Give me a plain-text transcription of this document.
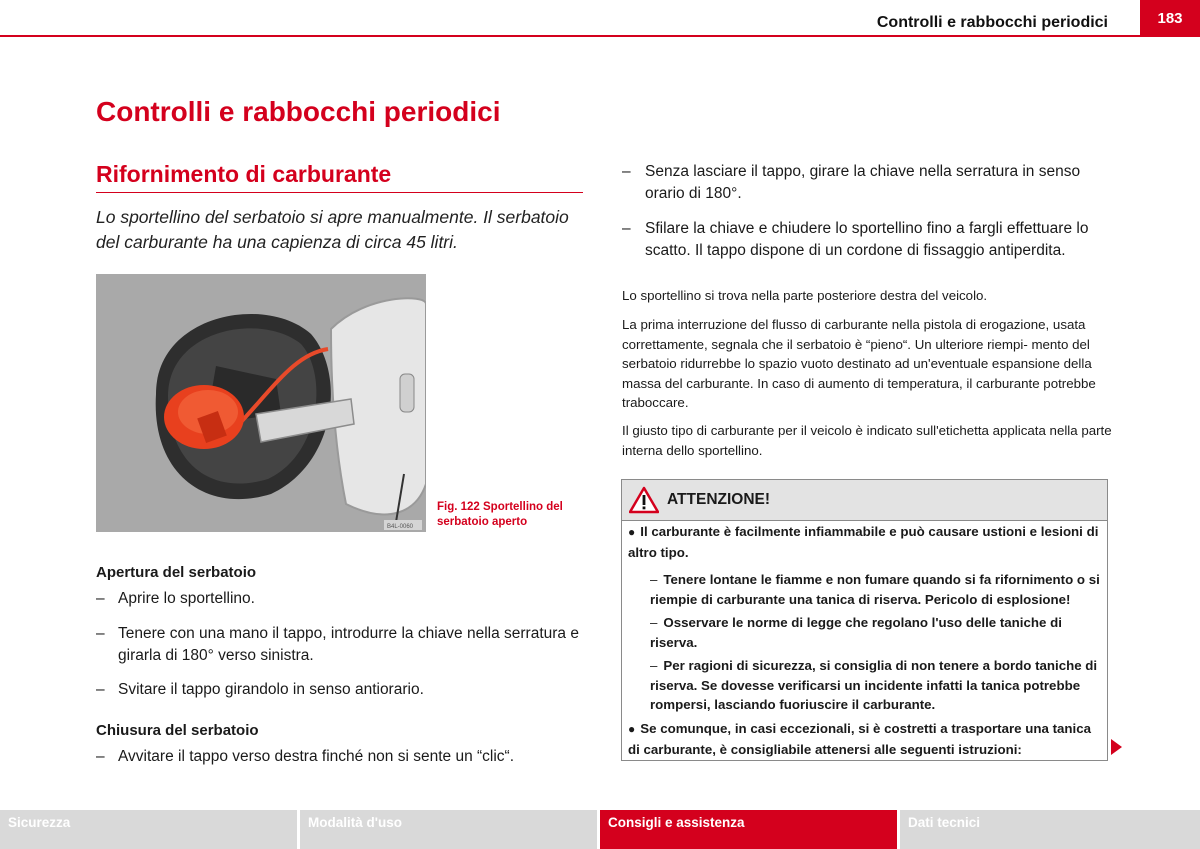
Controlli e rabbocchi periodici	183
Controlli e rabbocchi periodici
Rifornimento di carburante
Lo sportellino del serbatoio si apre manualmente. Il serbatoio del carburante ha una capienza di circa 45 litri.
B4L-0060
Fig. 122 Sportellino del serbatoio aperto
Apertura del serbatoio
– Aprire lo sportellino.
– Tenere con una mano il tappo, introdurre la chiave nella serratura e girarla di 180° verso sinistra.
– Svitare il tappo girandolo in senso antiorario.
Chiusura del serbatoio
– Avvitare il tappo verso destra finché non si sente un “clic“.
– Senza lasciare il tappo, girare la chiave nella serratura in senso orario di 180°.
– Sfilare la chiave e chiudere lo sportellino fino a fargli effettuare lo scatto. Il tappo dispone di un cordone di fissaggio antiperdita.
Lo sportellino si trova nella parte posteriore destra del veicolo.
La prima interruzione del flusso di carburante nella pistola di erogazione, usata correttamente, segnala che il serbatoio è “pieno“. Un ulteriore riempi- mento del serbatoio ridurrebbe lo spazio vuoto destinato ad un'eventuale espansione della massa del carburante. In caso di aumento di temperatura, il carburante potrebbe traboccare.
Il giusto tipo di carburante per il veicolo è indicato sull'etichetta applicata nella parte interna dello sportellino.
ATTENZIONE!
● Il carburante è facilmente infiammabile e può causare ustioni e lesioni di altro tipo.
– Tenere lontane le fiamme e non fumare quando si fa rifornimento o si riempie di carburante una tanica di riserva. Pericolo di esplosione!
– Osservare le norme di legge che regolano l'uso delle taniche di riserva.
– Per ragioni di sicurezza, si consiglia di non tenere a bordo taniche di riserva. Se dovesse verificarsi un incidente infatti la tanica potrebbe rompersi, lasciando fuoriuscire il carburante.
● Se comunque, in casi eccezionali, si è costretti a trasportare una tanica di carburante, è consigliabile attenersi alle seguenti istruzioni:
Sicurezza	Modalità d'uso	Consigli e assistenza	Dati tecnici
